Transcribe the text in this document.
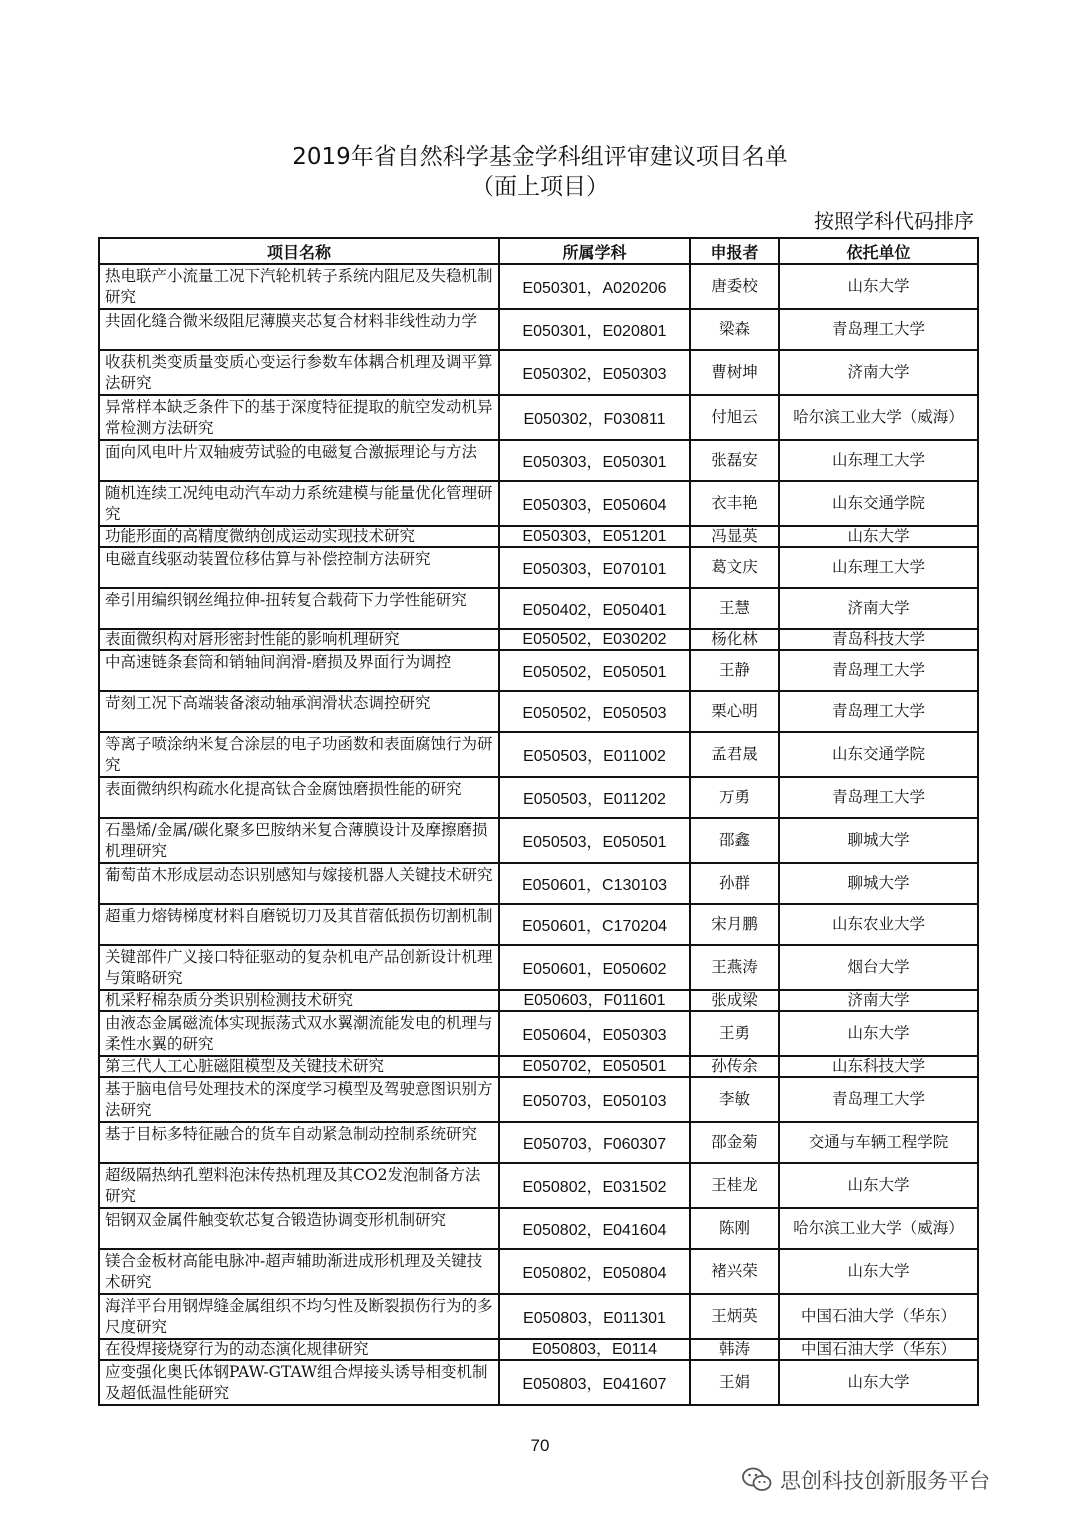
2019年省自然科学基金学科组评审建议项目名单
（面上项目）
按照学科代码排序
项目名称	所属学科	申报者	依托单位
热电联产小流量工况下汽轮机转子系统内阻尼及失稳机制研究	E050301，A020206	唐委校	山东大学
共固化缝合微米级阻尼薄膜夹芯复合材料非线性动力学	E050301，E020801	梁森	青岛理工大学
收获机类变质量变质心变运行参数车体耦合机理及调平算法研究	E050302，E050303	曹树坤	济南大学
异常样本缺乏条件下的基于深度特征提取的航空发动机异常检测方法研究	E050302，F030811	付旭云	哈尔滨工业大学（威海）
面向风电叶片双轴疲劳试验的电磁复合激振理论与方法	E050303，E050301	张磊安	山东理工大学
随机连续工况纯电动汽车动力系统建模与能量优化管理研究	E050303，E050604	衣丰艳	山东交通学院
功能形面的高精度微纳创成运动实现技术研究	E050303，E051201	冯显英	山东大学
电磁直线驱动装置位移估算与补偿控制方法研究	E050303，E070101	葛文庆	山东理工大学
牵引用编织钢丝绳拉伸-扭转复合载荷下力学性能研究	E050402，E050401	王慧	济南大学
表面微织构对唇形密封性能的影响机理研究	E050502，E030202	杨化林	青岛科技大学
中高速链条套筒和销轴间润滑-磨损及界面行为调控	E050502，E050501	王静	青岛理工大学
苛刻工况下高端装备滚动轴承润滑状态调控研究	E050502，E050503	栗心明	青岛理工大学
等离子喷涂纳米复合涂层的电子功函数和表面腐蚀行为研究	E050503，E011002	孟君晟	山东交通学院
表面微纳织构疏水化提高钛合金腐蚀磨损性能的研究	E050503，E011202	万勇	青岛理工大学
石墨烯/金属/碳化聚多巴胺纳米复合薄膜设计及摩擦磨损机理研究	E050503，E050501	邵鑫	聊城大学
葡萄苗木形成层动态识别感知与嫁接机器人关键技术研究	E050601，C130103	孙群	聊城大学
超重力熔铸梯度材料自磨锐切刀及其苜蓿低损伤切割机制	E050601，C170204	宋月鹏	山东农业大学
关键部件广义接口特征驱动的复杂机电产品创新设计机理与策略研究	E050601，E050602	王燕涛	烟台大学
机采籽棉杂质分类识别检测技术研究	E050603，F011601	张成梁	济南大学
由液态金属磁流体实现振荡式双水翼潮流能发电的机理与柔性水翼的研究	E050604，E050303	王勇	山东大学
第三代人工心脏磁阻模型及关键技术研究	E050702，E050501	孙传余	山东科技大学
基于脑电信号处理技术的深度学习模型及驾驶意图识别方法研究	E050703，E050103	李敏	青岛理工大学
基于目标多特征融合的货车自动紧急制动控制系统研究	E050703，F060307	邵金菊	交通与车辆工程学院
超级隔热纳孔塑料泡沫传热机理及其CO2发泡制备方法研究	E050802，E031502	王桂龙	山东大学
铝钢双金属件触变软芯复合锻造协调变形机制研究	E050802，E041604	陈刚	哈尔滨工业大学（威海）
镁合金板材高能电脉冲-超声辅助渐进成形机理及关键技术研究	E050802，E050804	褚兴荣	山东大学
海洋平台用钢焊缝金属组织不均匀性及断裂损伤行为的多尺度研究	E050803，E011301	王炳英	中国石油大学（华东）
在役焊接烧穿行为的动态演化规律研究	E050803，E0114	韩涛	中国石油大学（华东）
应变强化奥氏体钢PAW-GTAW组合焊接头诱导相变机制及超低温性能研究	E050803，E041607	王娟	山东大学
70
思创科技创新服务平台
